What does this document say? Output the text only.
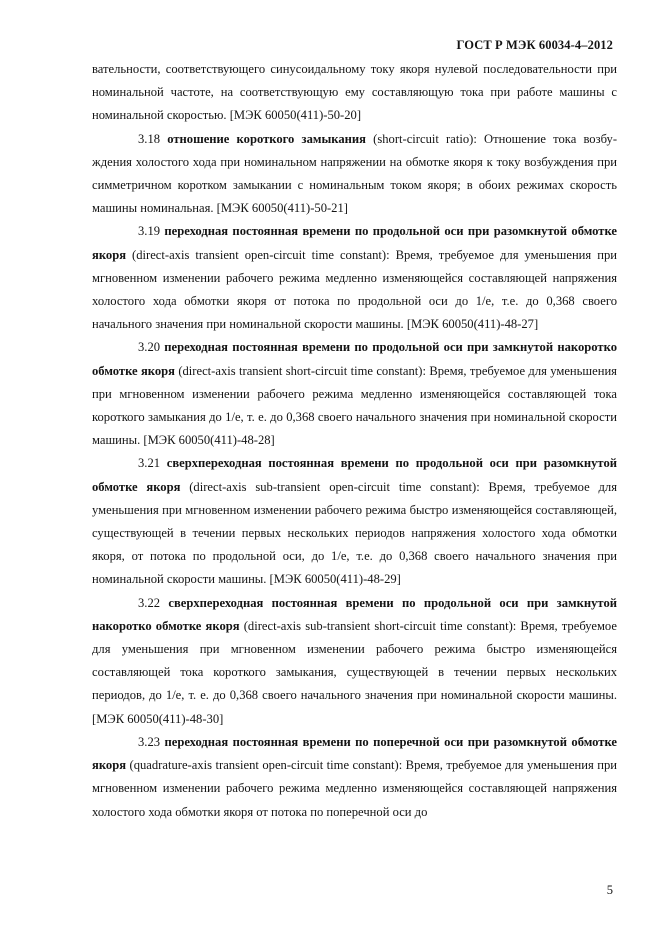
ГОСТ Р МЭК 60034-4–2012

вательности, соответствующего синусоидальному току якоря нулевой последовательности при номинальной частоте, на соответствующую ему составляющую тока при работе машины с номинальной скоростью. [МЭК 60050(411)-50-20]

3.18 отношение короткого замыкания (short-circuit ratio): Отношение тока возбуждения холостого хода при номинальном напряжении на обмотке якоря к току возбуждения при симметричном коротком замыкании с номинальным током якоря; в обоих режимах скорость машины номинальная. [МЭК 60050(411)-50-21]

3.19 переходная постоянная времени по продольной оси при разомкнутой обмотке якоря (direct-axis transient open-circuit time constant): Время, требуемое для уменьшения при мгновенном изменении рабочего режима медленно изменяющейся составляющей напряжения холостого хода обмотки якоря от потока по продольной оси до 1/е, т.е. до 0,368 своего начального значения при номинальной скорости машины. [МЭК 60050(411)-48-27]

3.20 переходная постоянная времени по продольной оси при замкнутой накоротко обмотке якоря (direct-axis transient short-circuit time constant): Время, требуемое для уменьшения при мгновенном изменении рабочего режима медленно изменяющейся составляющей тока короткого замыкания до 1/е, т. е. до 0,368 своего начального значения при номинальной скорости машины. [МЭК 60050(411)-48-28]

3.21 сверхпереходная постоянная времени по продольной оси при разомкнутой обмотке якоря (direct-axis sub-transient open-circuit time constant): Время, требуемое для уменьшения при мгновенном изменении рабочего режима быстро изменяющейся составляющей, существующей в течении первых нескольких периодов напряжения холостого хода обмотки якоря, от потока по продольной оси, до 1/е, т.е. до 0,368 своего начального значения при номинальной скорости машины. [МЭК 60050(411)-48-29]

3.22 сверхпереходная постоянная времени по продольной оси при замкнутой накоротко обмотке якоря (direct-axis sub-transient short-circuit time constant): Время, требуемое для уменьшения при мгновенном изменении рабочего режима быстро изменяющейся составляющей тока короткого замыкания, существующей в течении первых нескольких периодов, до 1/е, т. е. до 0,368 своего начального значения при номинальной скорости машины. [МЭК 60050(411)-48-30]

3.23 переходная постоянная времени по поперечной оси при разомкнутой обмотке якоря (quadrature-axis transient open-circuit time constant): Время, требуемое для уменьшения при мгновенном изменении рабочего режима медленно изменяющейся составляющей напряжения холостого хода обмотки якоря от потока по поперечной оси до

5
